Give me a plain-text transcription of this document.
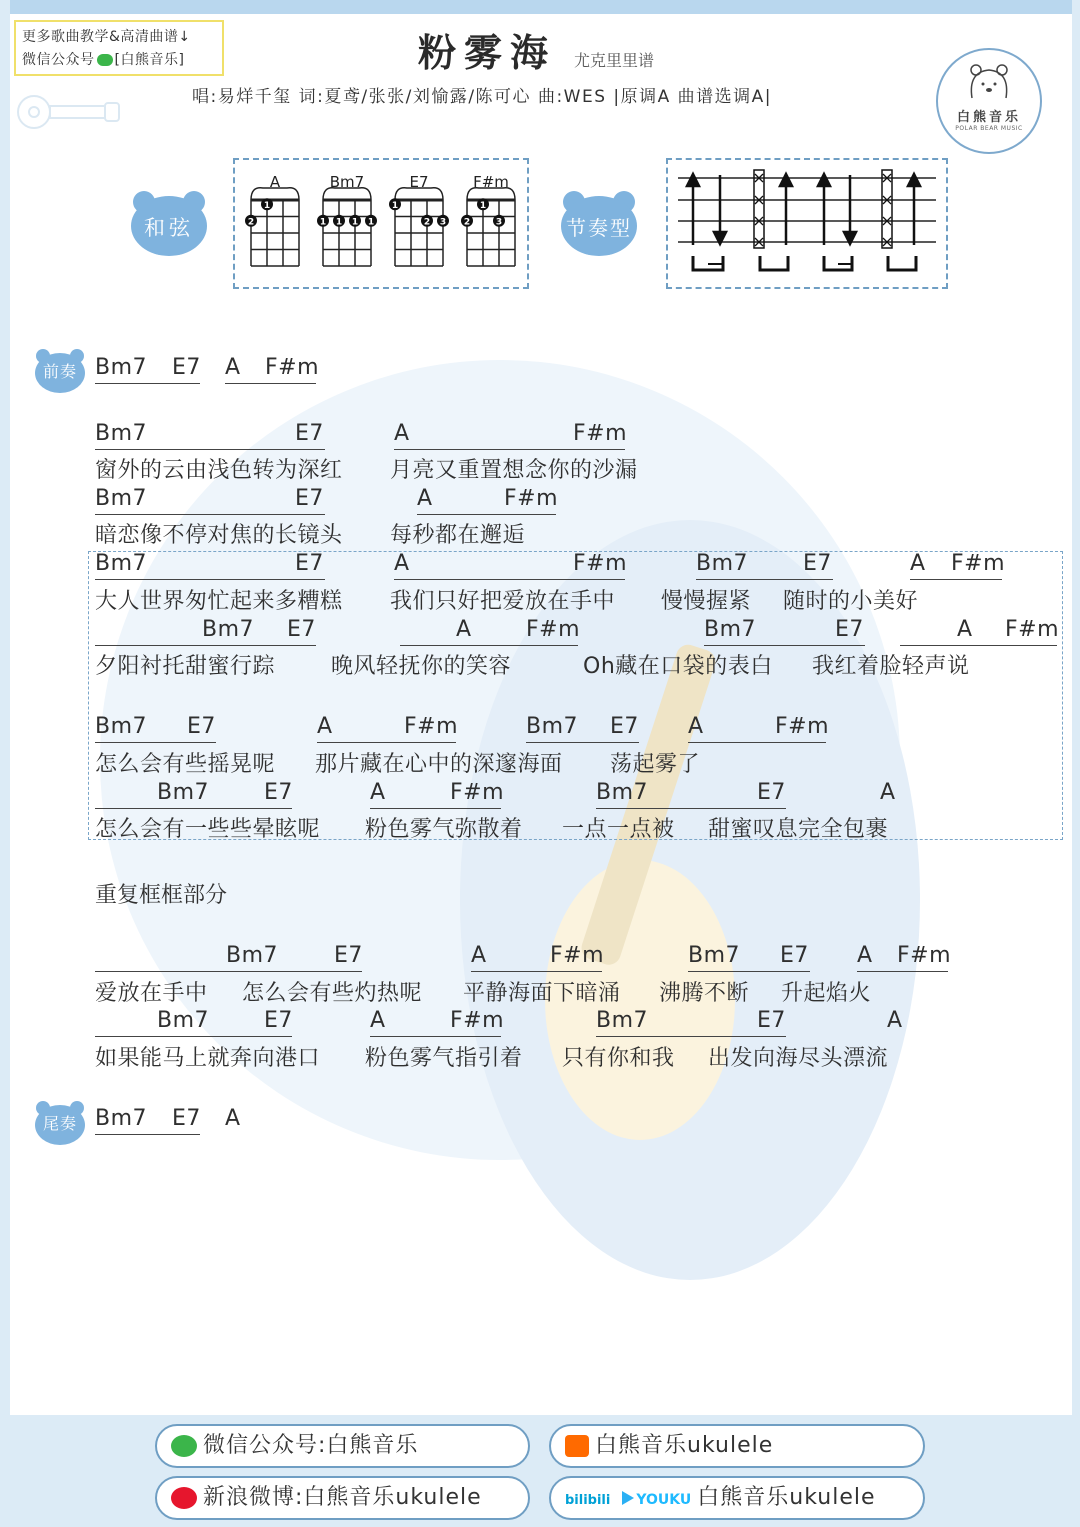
更多歌曲教学&高清曲谱↓
微信公众号 [白熊音乐]	粉雾海 尤克里里谱
唱:易烊千玺 词:夏鸢/张张/刘愉露/陈可心 曲:WES |原调A 曲谱选调A|
白熊音乐
POLAR BEAR MUSIC
和弦	节奏型
前奏
尾奏
A
1
2
Bm7
1 1 1 1
E7
1
2 3
F#m
1
2	3
Bm7 E7 A F#m
Bm7	E7	A	F#m
窗外的云由浅色转为深红 月亮又重置想念你的沙漏
Bm7	E7	A	F#m
暗恋像不停对焦的长镜头 每秒都在邂逅
Bm7	E7	A	F#m	Bm7 E7	A F#m
大人世界匆忙起来多糟糕 我们只好把爱放在手中 慢慢握紧 随时的小美好
Bm7 E7	A F#m	Bm7	E7	A F#m
夕阳衬托甜蜜行踪	晚风轻抚你的笑容	Oh藏在口袋的表白 我红着脸轻声说
Bm7 E7	A	F#m	Bm7 E7 A	F#m
怎么会有些摇晃呢 那片藏在心中的深邃海面 荡起雾了
Bm7 E7	A	F#m	Bm7	E7	A
怎么会有一些些晕眩呢 粉色雾气弥散着 一点一点被 甜蜜叹息完全包裹
Bm7	E7	A	F#m	Bm7 E7 A F#m
爱放在手中 怎么会有些灼热呢 平静海面下暗涌 沸腾不断 升起焰火
Bm7 E7	A	F#m	Bm7	E7	A
如果能马上就奔向港口 粉色雾气指引着 只有你和我 出发向海尽头漂流
Bm7 E7 A
重复框框部分
微信公众号:白熊音乐	白熊音乐ukulele
新浪微博:白熊音乐ukulele	bilibili YOUKU 白熊音乐ukulele
